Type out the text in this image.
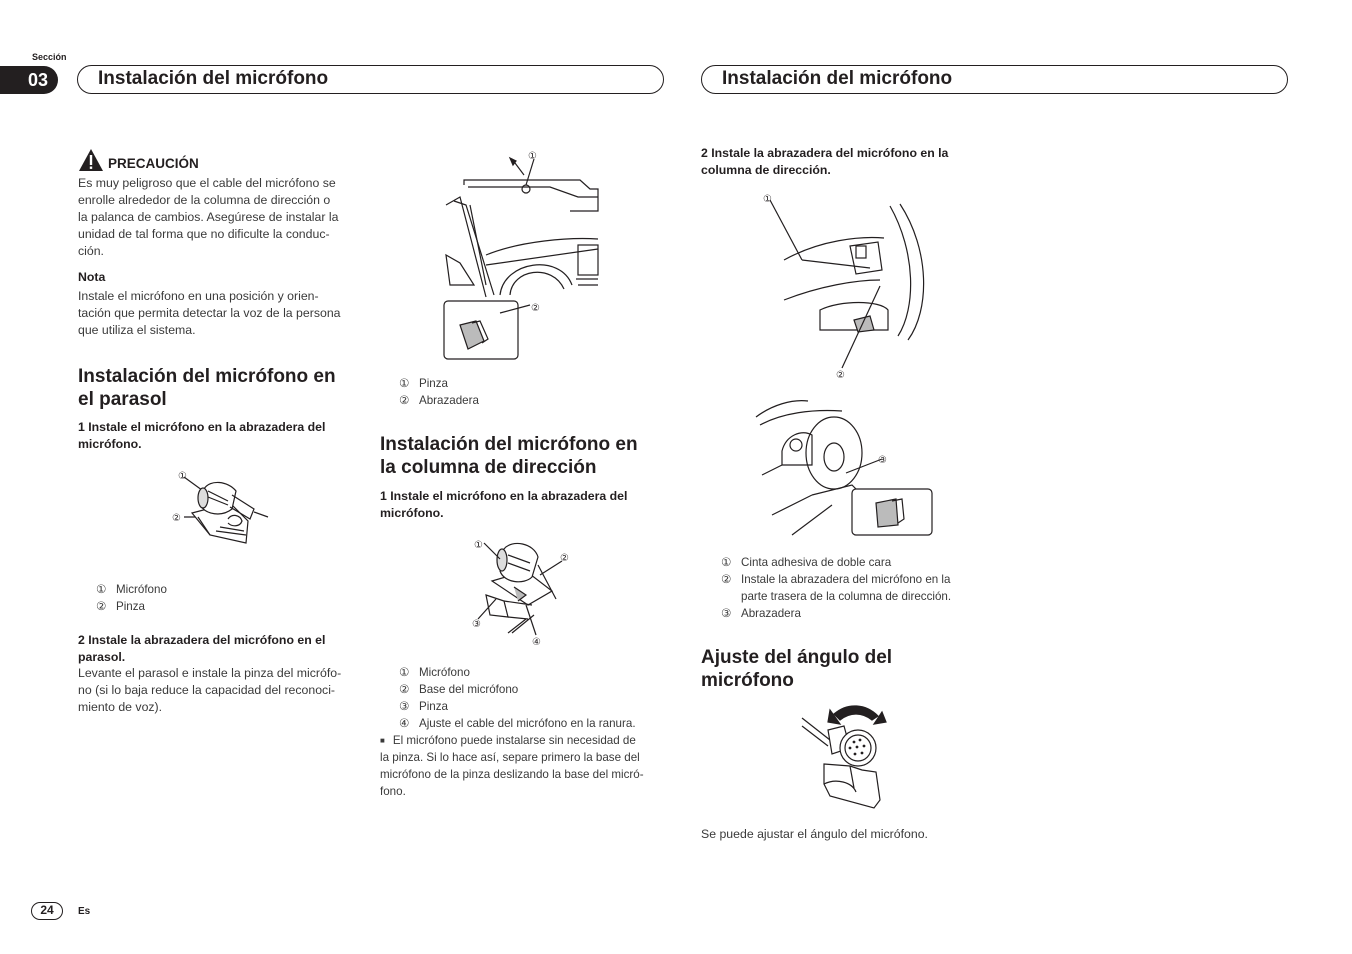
Sección
03	Instalación del micrófono	Instalación del micrófono
PRECAUCIÓN
Es muy peligroso que el cable del micrófono se
enrolle alrededor de la columna de dirección o
la palanca de cambios. Asegúrese de instalar la
unidad de tal forma que no dificulte la conduc-
ción.
Nota
Instale el micrófono en una posición y orien-
tación que permita detectar la voz de la persona
que utiliza el sistema.
Instalación del micrófono en
el parasol
1 Instale el micrófono en la abrazadera del
micrófono.
①
②
① Micrófono
② Pinza
2 Instale la abrazadera del micrófono en el
parasol.
Levante el parasol e instale la pinza del micrófo-
no (si lo baja reduce la capacidad del reconoci-
miento de voz).
①
②
① Pinza
② Abrazadera
Instalación del micrófono en
la columna de dirección
1 Instale el micrófono en la abrazadera del
micrófono.
①
②
③
④
① Micrófono
② Base del micrófono
③ Pinza
④ Ajuste el cable del micrófono en la ranura.
■ El micrófono puede instalarse sin necesidad de
la pinza. Si lo hace así, separe primero la base del
micrófono de la pinza deslizando la base del micró-
fono.
2 Instale la abrazadera del micrófono en la
columna de dirección.
①
②
③
① Cinta adhesiva de doble cara
② Instale la abrazadera del micrófono en la
parte trasera de la columna de dirección.
③ Abrazadera
Ajuste del ángulo del
micrófono
Se puede ajustar el ángulo del micrófono.
24	Es
